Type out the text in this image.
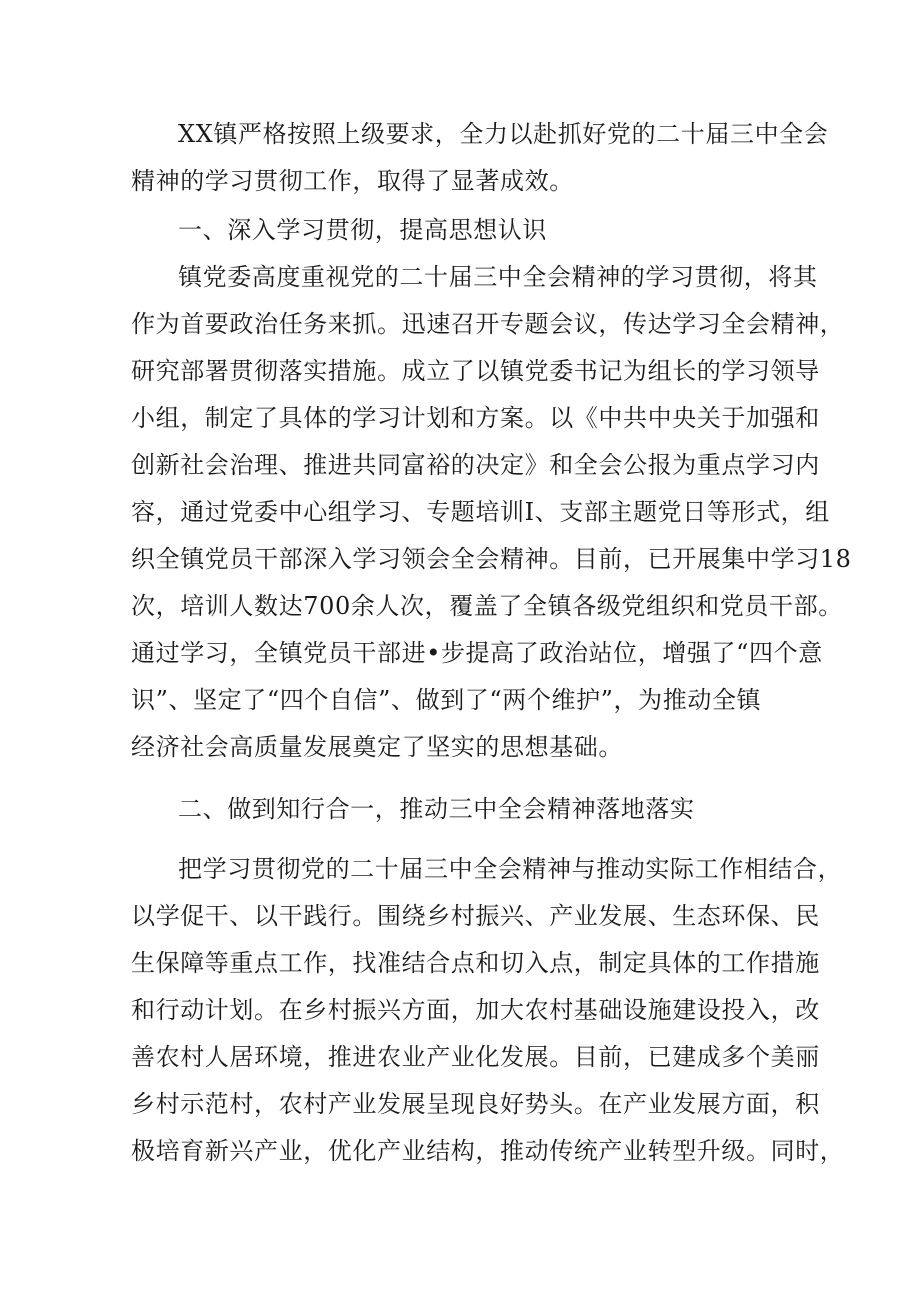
XX镇严格按照上级要求，全力以赴抓好党的二十届三中全会

精神的学习贯彻工作，取得了显著成效。

一、深入学习贯彻，提高思想认识

镇党委高度重视党的二十届三中全会精神的学习贯彻，将其

作为首要政治任务来抓。迅速召开专题会议，传达学习全会精神，

研究部署贯彻落实措施。成立了以镇党委书记为组长的学习领导

小组，制定了具体的学习计划和方案。以《中共中央关于加强和

创新社会治理、推进共同富裕的决定》和全会公报为重点学习内

容，通过党委中心组学习、专题培训I、支部主题党日等形式，组

织全镇党员干部深入学习领会全会精神。目前，已开展集中学习18

次，培训人数达700余人次，覆盖了全镇各级党组织和党员干部。

通过学习，全镇党员干部进•步提高了政治站位，增强了“四个意

识”、坚定了“四个自信”、做到了“两个维护”，为推动全镇

经济社会高质量发展奠定了坚实的思想基础。

二、做到知行合一，推动三中全会精神落地落实

把学习贯彻党的二十届三中全会精神与推动实际工作相结合，

以学促干、以干践行。围绕乡村振兴、产业发展、生态环保、民

生保障等重点工作，找准结合点和切入点，制定具体的工作措施

和行动计划。在乡村振兴方面，加大农村基础设施建设投入，改

善农村人居环境，推进农业产业化发展。目前，已建成多个美丽

乡村示范村，农村产业发展呈现良好势头。在产业发展方面，积

极培育新兴产业，优化产业结构，推动传统产业转型升级。同时，
